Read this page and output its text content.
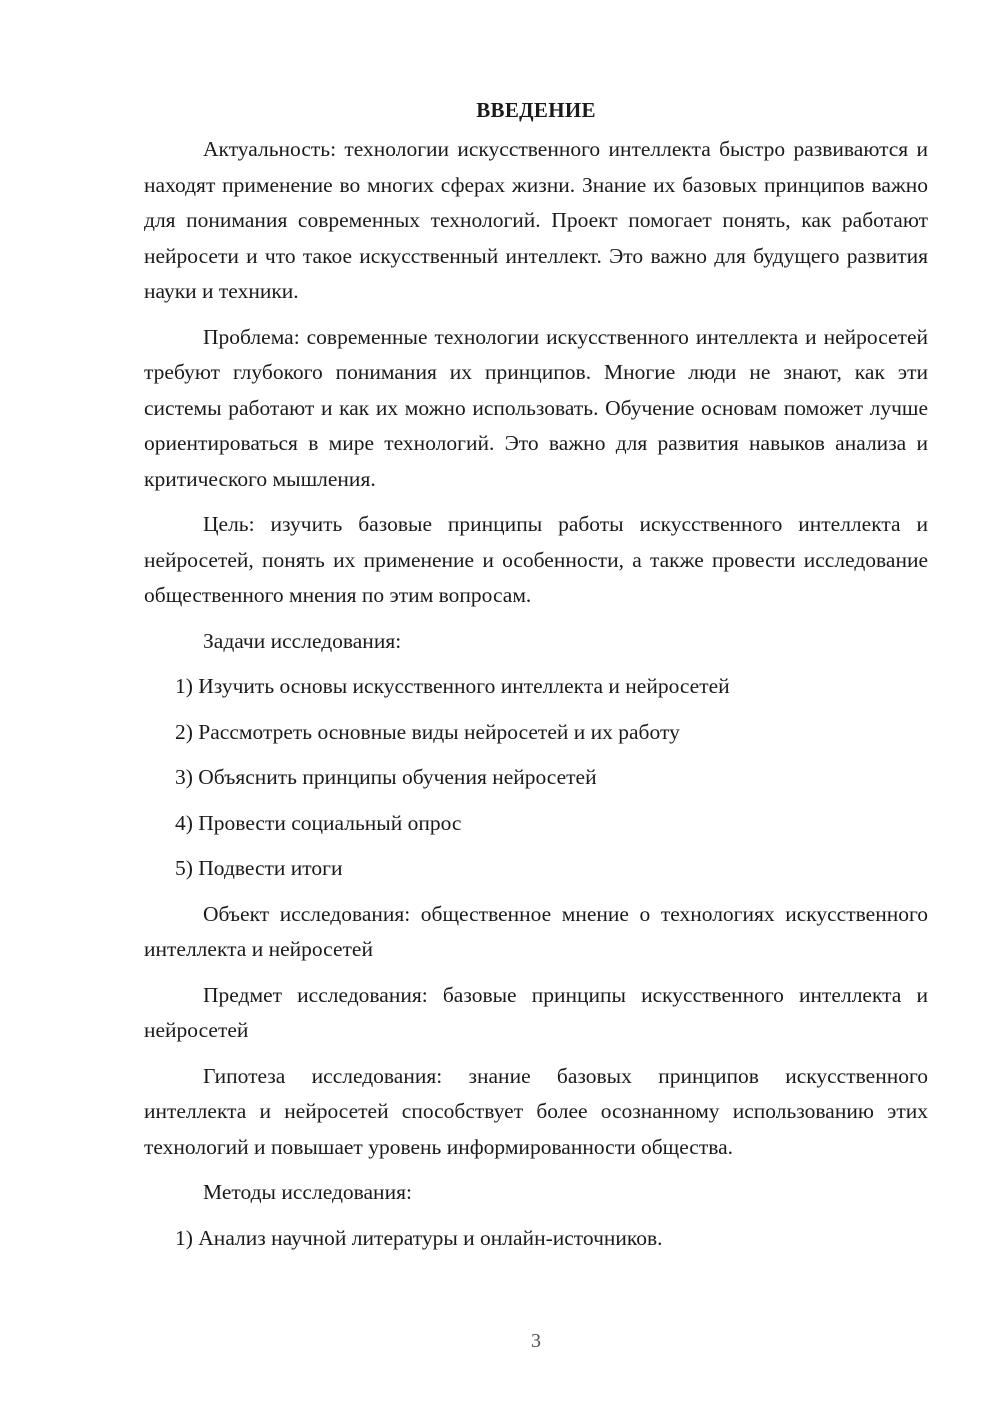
ВВЕДЕНИЕ

Актуальность: технологии искусственного интеллекта быстро развиваются и находят применение во многих сферах жизни. Знание их базовых принципов важно для понимания современных технологий. Проект помогает понять, как работают нейросети и что такое искусственный интеллект. Это важно для будущего развития науки и техники.

Проблема: современные технологии искусственного интеллекта и нейросетей требуют глубокого понимания их принципов. Многие люди не знают, как эти системы работают и как их можно использовать. Обучение основам поможет лучше ориентироваться в мире технологий. Это важно для развития навыков анализа и критического мышления.

Цель: изучить базовые принципы работы искусственного интеллекта и нейросетей, понять их применение и особенности, а также провести исследование общественного мнения по этим вопросам.

Задачи исследования:
1) Изучить основы искусственного интеллекта и нейросетей
2) Рассмотреть основные виды нейросетей и их работу
3) Объяснить принципы обучения нейросетей
4) Провести социальный опрос
5) Подвести итоги

Объект исследования: общественное мнение о технологиях искусственного интеллекта и нейросетей

Предмет исследования: базовые принципы искусственного интеллекта и нейросетей

Гипотеза исследования: знание базовых принципов искусственного интеллекта и нейросетей способствует более осознанному использованию этих технологий и повышает уровень информированности общества.

Методы исследования:
1) Анализ научной литературы и онлайн-источников.
3
